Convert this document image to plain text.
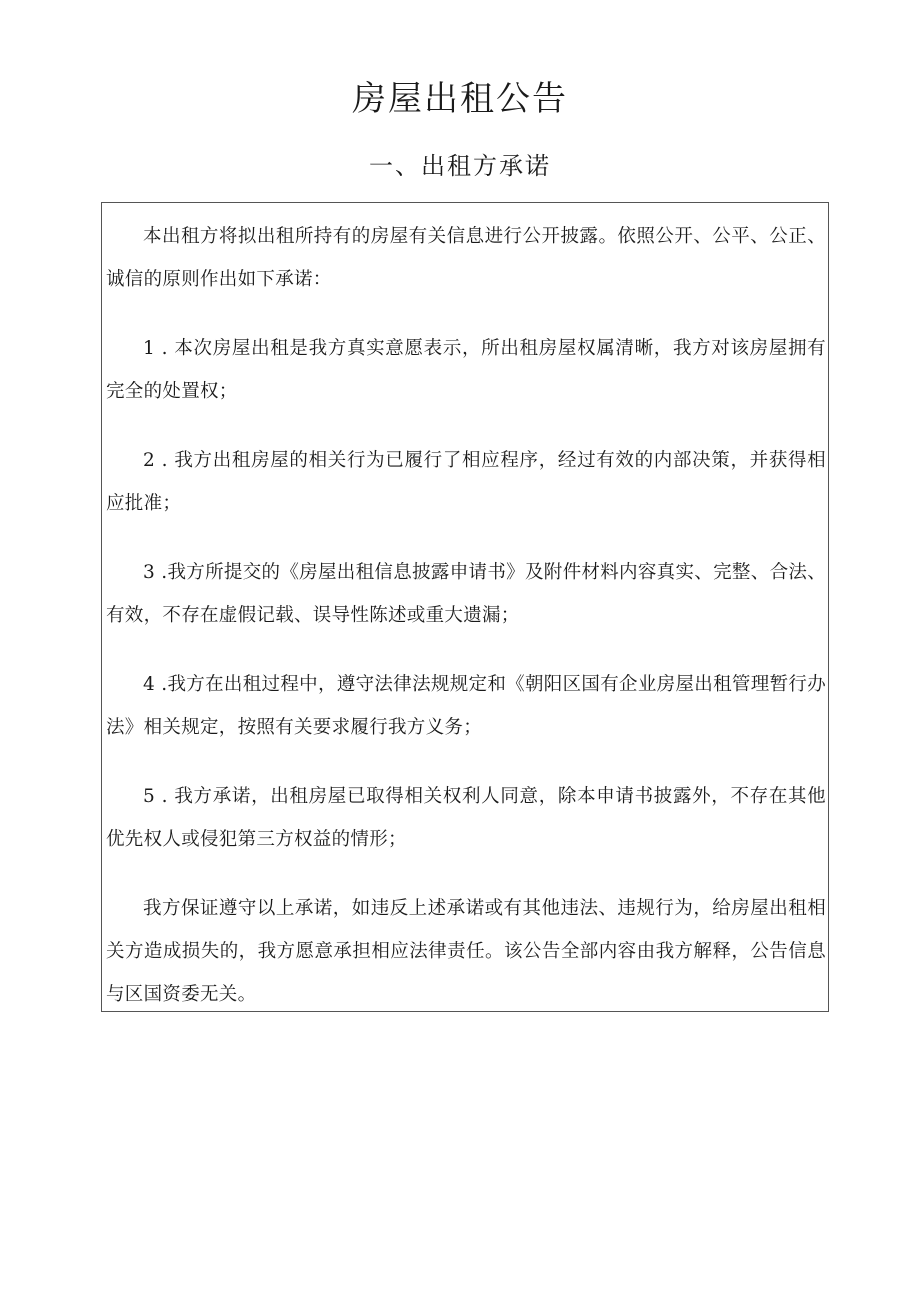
房屋出租公告
一、出租方承诺

本出租方将拟出租所持有的房屋有关信息进行公开披露。依照公开、公平、公正、诚信的原则作出如下承诺：

1 . 本次房屋出租是我方真实意愿表示，所出租房屋权属清晰，我方对该房屋拥有完全的处置权；

2 . 我方出租房屋的相关行为已履行了相应程序，经过有效的内部决策，并获得相应批准；

3 .我方所提交的《房屋出租信息披露申请书》及附件材料内容真实、完整、合法、有效，不存在虚假记载、误导性陈述或重大遗漏；

4 .我方在出租过程中，遵守法律法规规定和《朝阳区国有企业房屋出租管理暂行办法》相关规定，按照有关要求履行我方义务；

5 . 我方承诺，出租房屋已取得相关权利人同意，除本申请书披露外，不存在其他优先权人或侵犯第三方权益的情形；

我方保证遵守以上承诺，如违反上述承诺或有其他违法、违规行为，给房屋出租相关方造成损失的，我方愿意承担相应法律责任。该公告全部内容由我方解释，公告信息与区国资委无关。
